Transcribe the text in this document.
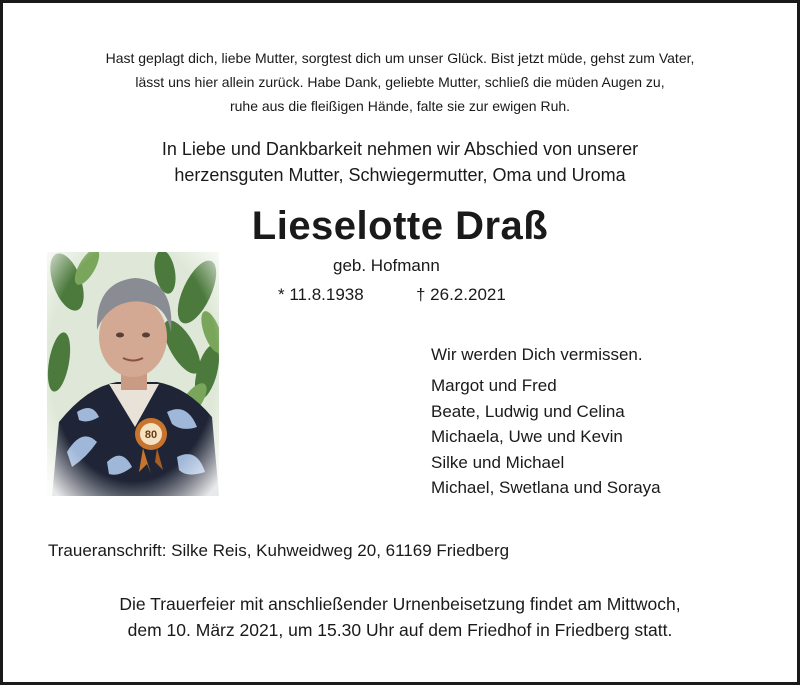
Hast geplagt dich, liebe Mutter, sorgtest dich um unser Glück. Bist jetzt müde, gehst zum Vater,
lässt uns hier allein zurück. Habe Dank, geliebte Mutter, schließ die müden Augen zu,
ruhe aus die fleißigen Hände, falte sie zur ewigen Ruh.
In Liebe und Dankbarkeit nehmen wir Abschied von unserer
herzensguten Mutter, Schwiegermutter, Oma und Uroma
Lieselotte Draß
geb. Hofmann
* 11.8.1938	† 26.2.2021
Wir werden Dich vermissen.
Margot und Fred
Beate, Ludwig und Celina
Michaela, Uwe und Kevin
Silke und Michael
Michael, Swetlana und Soraya
Traueranschrift: Silke Reis, Kuhweidweg 20, 61169 Friedberg
Die Trauerfeier mit anschließender Urnenbeisetzung findet am Mittwoch,
dem 10. März 2021, um 15.30 Uhr auf dem Friedhof in Friedberg statt.
